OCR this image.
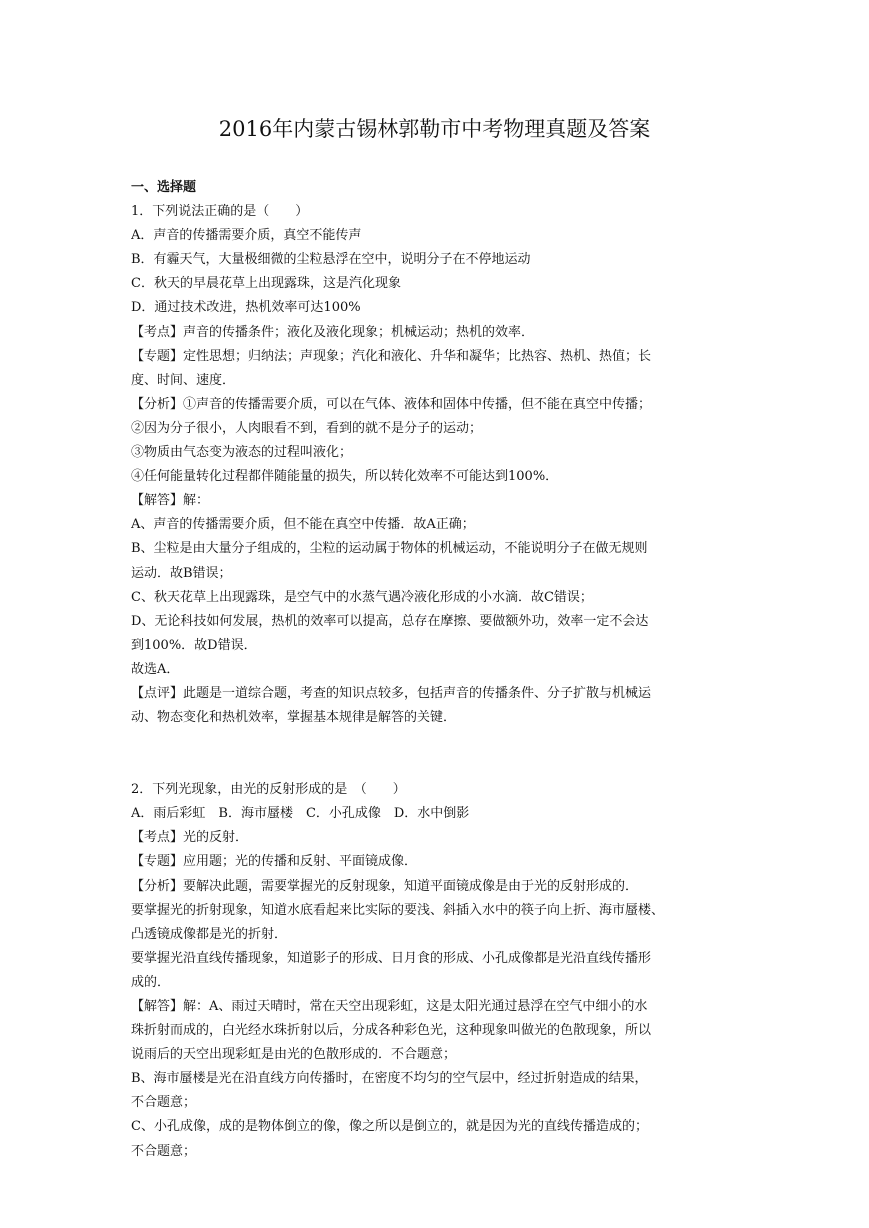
2016年内蒙古锡林郭勒市中考物理真题及答案
一、选择题
1．下列说法正确的是（　　）
A．声音的传播需要介质，真空不能传声
B．有霾天气，大量极细微的尘粒悬浮在空中，说明分子在不停地运动
C．秋天的早晨花草上出现露珠，这是汽化现象
D．通过技术改进，热机效率可达100%
【考点】声音的传播条件；液化及液化现象；机械运动；热机的效率．
【专题】定性思想；归纳法；声现象；汽化和液化、升华和凝华；比热容、热机、热值；长
度、时间、速度．
【分析】①声音的传播需要介质，可以在气体、液体和固体中传播，但不能在真空中传播；
②因为分子很小，人肉眼看不到，看到的就不是分子的运动；
③物质由气态变为液态的过程叫液化；
④任何能量转化过程都伴随能量的损失，所以转化效率不可能达到100%．
【解答】解：
A、声音的传播需要介质，但不能在真空中传播．故A正确；
B、尘粒是由大量分子组成的，尘粒的运动属于物体的机械运动，不能说明分子在做无规则
运动．故B错误；
C、秋天花草上出现露珠，是空气中的水蒸气遇冷液化形成的小水滴．故C错误；
D、无论科技如何发展，热机的效率可以提高，总存在摩擦、要做额外功，效率一定不会达
到100%．故D错误．
故选A．
【点评】此题是一道综合题，考查的知识点较多，包括声音的传播条件、分子扩散与机械运
动、物态变化和热机效率，掌握基本规律是解答的关键．
2．下列光现象，由光的反射形成的是　（　　）
A．雨后彩虹　B．海市蜃楼　C．小孔成像　D．水中倒影
【考点】光的反射．
【专题】应用题；光的传播和反射、平面镜成像．
【分析】要解决此题，需要掌握光的反射现象，知道平面镜成像是由于光的反射形成的．
要掌握光的折射现象，知道水底看起来比实际的要浅、斜插入水中的筷子向上折、海市蜃楼、
凸透镜成像都是光的折射．
要掌握光沿直线传播现象，知道影子的形成、日月食的形成、小孔成像都是光沿直线传播形
成的．
【解答】解：A、雨过天晴时，常在天空出现彩虹，这是太阳光通过悬浮在空气中细小的水
珠折射而成的，白光经水珠折射以后，分成各种彩色光，这种现象叫做光的色散现象，所以
说雨后的天空出现彩虹是由光的色散形成的．不合题意；
B、海市蜃楼是光在沿直线方向传播时，在密度不均匀的空气层中，经过折射造成的结果，
不合题意；
C、小孔成像，成的是物体倒立的像，像之所以是倒立的，就是因为光的直线传播造成的；
不合题意；
